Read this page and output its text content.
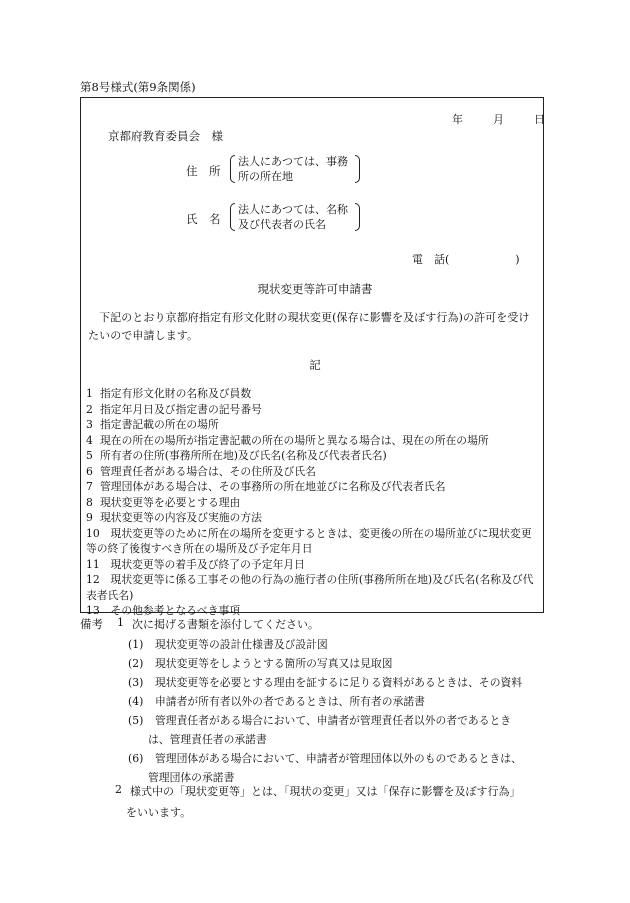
第8号様式(第9条関係)
年	月	日
京都府教育委員会　様
住　所
法人にあつては、事務
所の所在地
氏　名
法人にあつては、名称
及び代表者の氏名
電　話(　　　　　　)
現状変更等許可申請書
下記のとおり京都府指定有形文化財の現状変更(保存に影響を及ぼす行為)の許可を受けたいので申請します。
記
1 指定有形文化財の名称及び員数
2 指定年月日及び指定書の記号番号
3 指定書記載の所在の場所
4 現在の所在の場所が指定書記載の所在の場所と異なる場合は、現在の所在の場所
5 所有者の住所(事務所所在地)及び氏名(名称及び代表者氏名)
6 管理責任者がある場合は、その住所及び氏名
7 管理団体がある場合は、その事務所の所在地並びに名称及び代表者氏名
8 現状変更等を必要とする理由
9 現状変更等の内容及び実施の方法
10　 現状変更等のために所在の場所を変更するときは、変更後の所在の場所並びに現状変更等の終了後復すべき所在の場所及び予定年月日
11　 現状変更等の着手及び終了の予定年月日
12　 現状変更等に係る工事その他の行為の施行者の住所(事務所所在地)及び氏名(名称及び代表者氏名)
13　 その他参考となるべき事項
備考 1 次に掲げる書類を添付してください。
(1) 現状変更等の設計仕様書及び設計図
(2) 現状変更等をしようとする箇所の写真又は見取図
(3) 現状変更等を必要とする理由を証するに足りる資料があるときは、その資料
(4) 申請者が所有者以外の者であるときは、所有者の承諾書
(5) 管理責任者がある場合において、申請者が管理責任者以外の者であるとき
は、管理責任者の承諾書
(6) 管理団体がある場合において、申請者が管理団体以外のものであるときは、
管理団体の承諾書
2 様式中の「現状変更等」とは、「現状の変更」又は「保存に影響を及ぼす行為」
をいいます。
